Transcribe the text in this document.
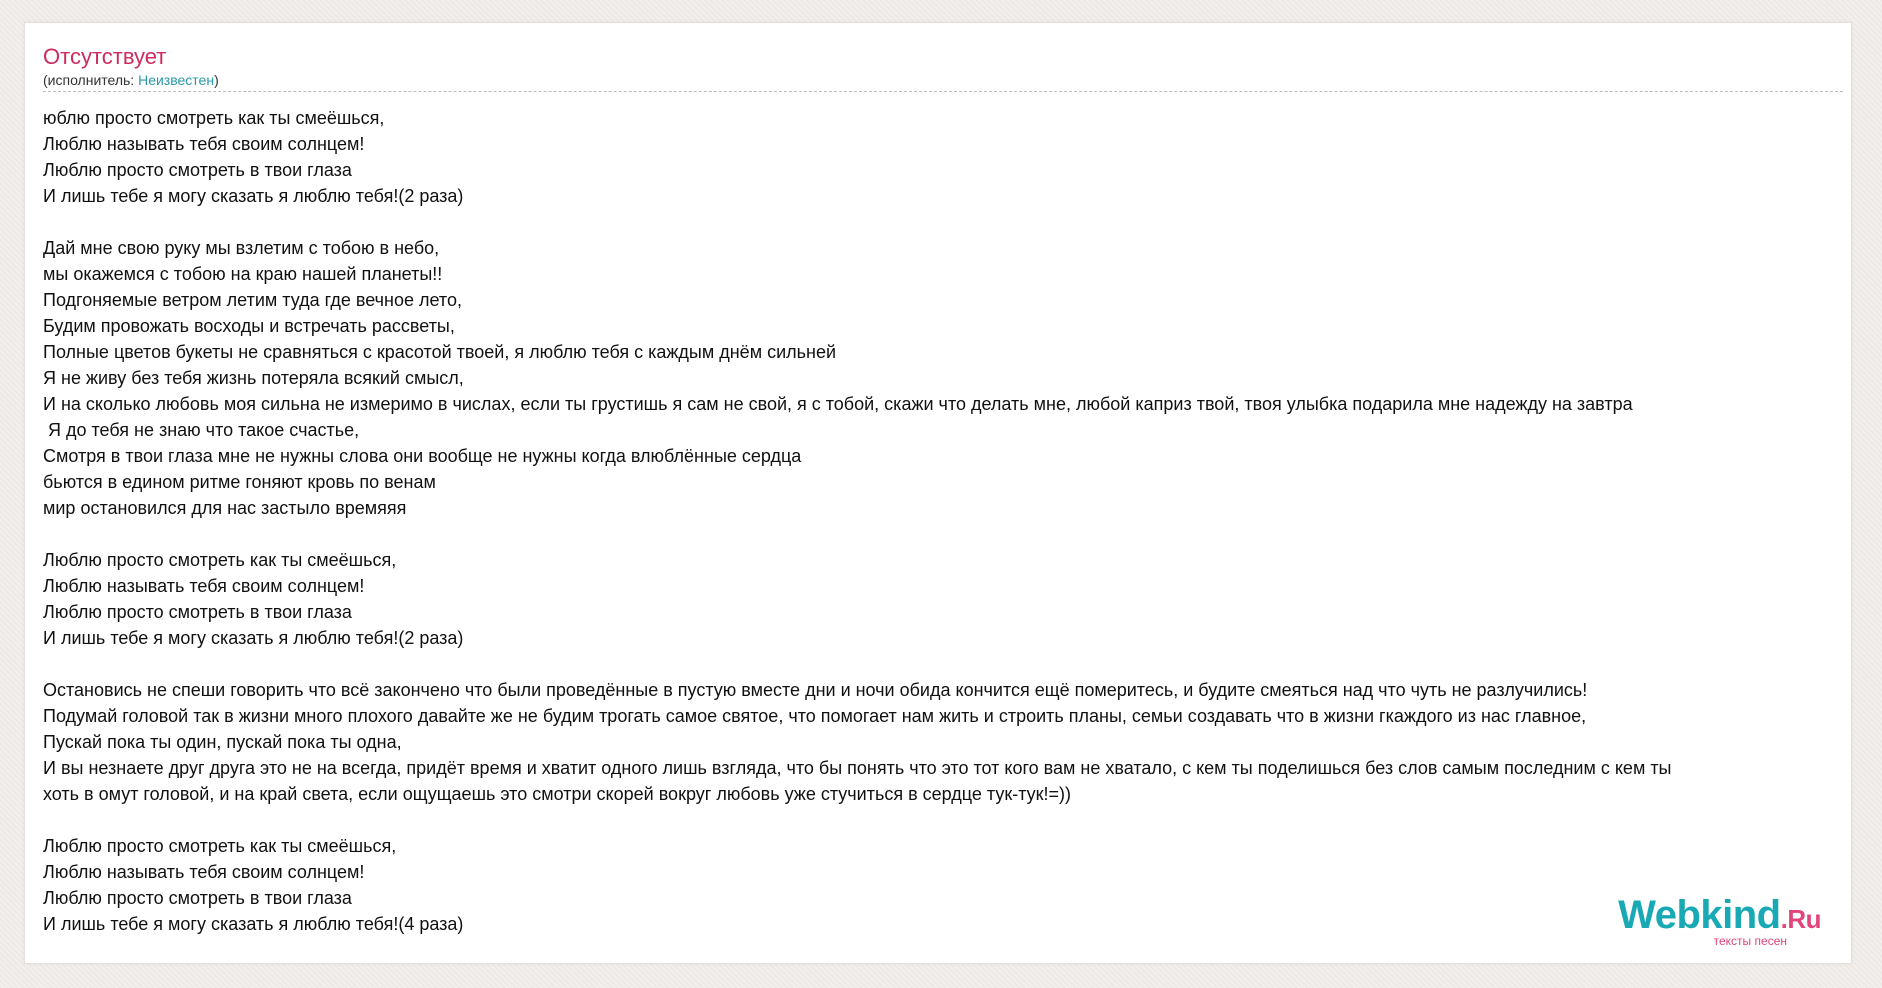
Отсутствует
(исполнитель: Неизвестен)
юблю просто смотреть как ты смеёшься,
Люблю называть тебя своим солнцем!
Люблю просто смотреть в твои глаза
И лишь тебе я могу сказать я люблю тебя!(2 раза)
Дай мне свою руку мы взлетим с тобою в небо,
мы окажемся с тобою на краю нашей планеты!!
Подгоняемые ветром летим туда где вечное лето,
Будим провожать восходы и встречать рассветы,
Полные цветов букеты не сравняться с красотой твоей, я люблю тебя с каждым днём сильней
Я не живу без тебя жизнь потеряла всякий смысл,
И на сколько любовь моя сильна не измеримо в числах, если ты грустишь я сам не свой, я с тобой, скажи что делать мне, любой каприз твой, твоя улыбка подарила мне надежду на завтра
Я до тебя не знаю что такое счастье,
Смотря в твои глаза мне не нужны слова они вообще не нужны когда влюблённые сердца
бьются в едином ритме гоняют кровь по венам
мир остановился для нас застыло времяяя
Люблю просто смотреть как ты смеёшься,
Люблю называть тебя своим солнцем!
Люблю просто смотреть в твои глаза
И лишь тебе я могу сказать я люблю тебя!(2 раза)
Остановись не спеши говорить что всё закончено что были проведённые в пустую вместе дни и ночи обида кончится ещё померитесь, и будите смеяться над что чуть не разлучились!
Подумай головой так в жизни много плохого давайте же не будим трогать самое святое, что помогает нам жить и строить планы, семьи создавать что в жизни гкаждого из нас главное,
Пускай пока ты один, пускай пока ты одна,
И вы незнаете друг друга это не на всегда, придёт время и хватит одного лишь взгляда, что бы понять что это тот кого вам не хватало, с кем ты поделишься без слов самым последним с кем ты
хоть в омут головой, и на край света, если ощущаешь это смотри скорей вокруг любовь уже стучиться в сердце тук-тук!=))
Люблю просто смотреть как ты смеёшься,
Люблю называть тебя своим солнцем!
Люблю просто смотреть в твои глаза
И лишь тебе я могу сказать я люблю тебя!(4 раза)	Webkind.Ru
тексты песен
